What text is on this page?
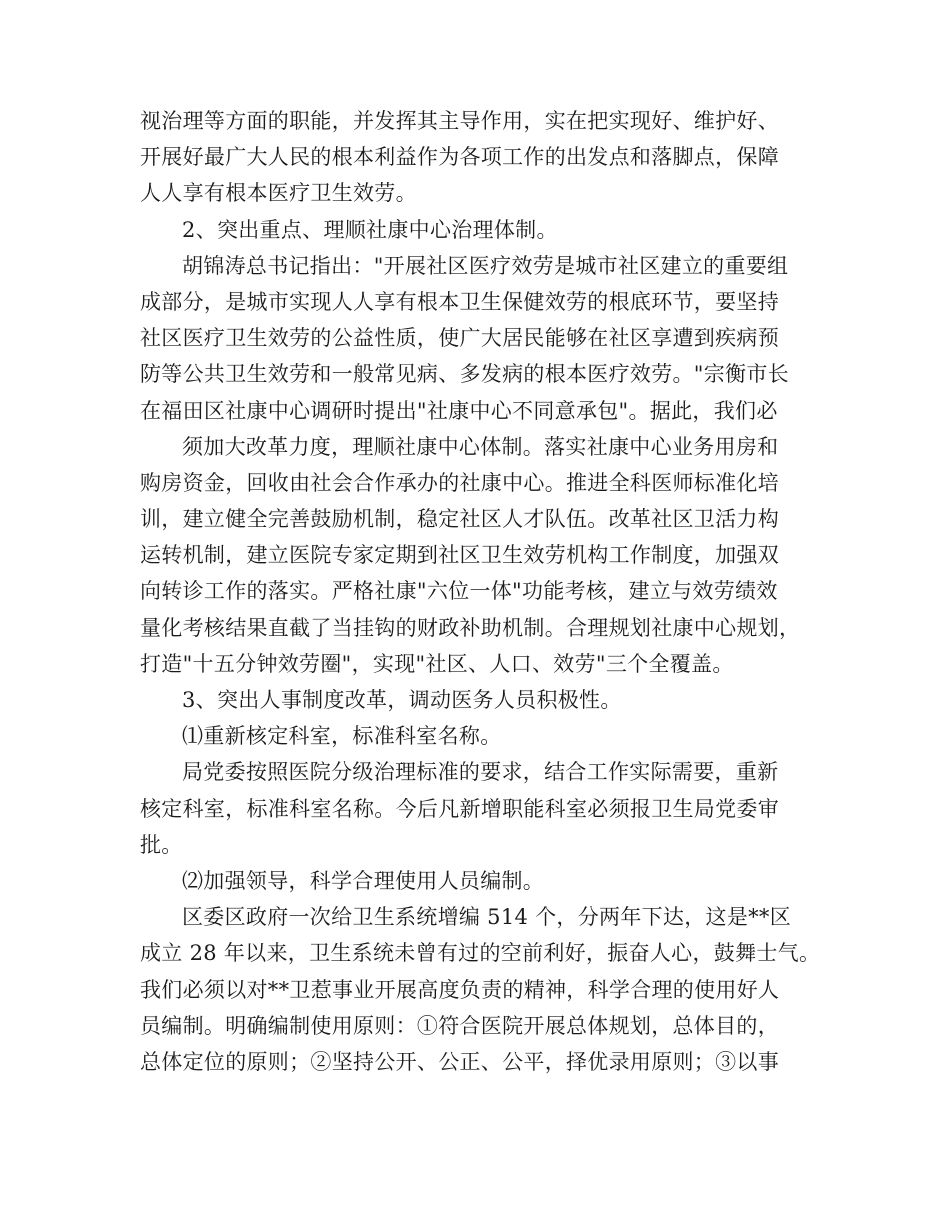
视治理等方面的职能，并发挥其主导作用，实在把实现好、维护好、
开展好最广大人民的根本利益作为各项工作的出发点和落脚点，保障
人人享有根本医疗卫生效劳。
2、突出重点、理顺社康中心治理体制。
胡锦涛总书记指出："开展社区医疗效劳是城市社区建立的重要组
成部分，是城市实现人人享有根本卫生保健效劳的根底环节，要坚持
社区医疗卫生效劳的公益性质，使广大居民能够在社区享遭到疾病预
防等公共卫生效劳和一般常见病、多发病的根本医疗效劳。"宗衡市长
在福田区社康中心调研时提出"社康中心不同意承包"。据此，我们必
须加大改革力度，理顺社康中心体制。落实社康中心业务用房和
购房资金，回收由社会合作承办的社康中心。推进全科医师标准化培
训，建立健全完善鼓励机制，稳定社区人才队伍。改革社区卫活力构
运转机制，建立医院专家定期到社区卫生效劳机构工作制度，加强双
向转诊工作的落实。严格社康"六位一体"功能考核，建立与效劳绩效
量化考核结果直截了当挂钩的财政补助机制。合理规划社康中心规划，
打造"十五分钟效劳圈"，实现"社区、人口、效劳"三个全覆盖。
3、突出人事制度改革，调动医务人员积极性。
⑴重新核定科室，标准科室名称。
局党委按照医院分级治理标准的要求，结合工作实际需要，重新
核定科室，标准科室名称。今后凡新增职能科室必须报卫生局党委审
批。
⑵加强领导，科学合理使用人员编制。
区委区政府一次给卫生系统增编 514 个，分两年下达，这是**区
成立 28 年以来，卫生系统未曾有过的空前利好，振奋人心，鼓舞士气。
我们必须以对**卫惹事业开展高度负责的精神，科学合理的使用好人
员编制。明确编制使用原则：①符合医院开展总体规划，总体目的，
总体定位的原则；②坚持公开、公正、公平，择优录用原则；③以事
